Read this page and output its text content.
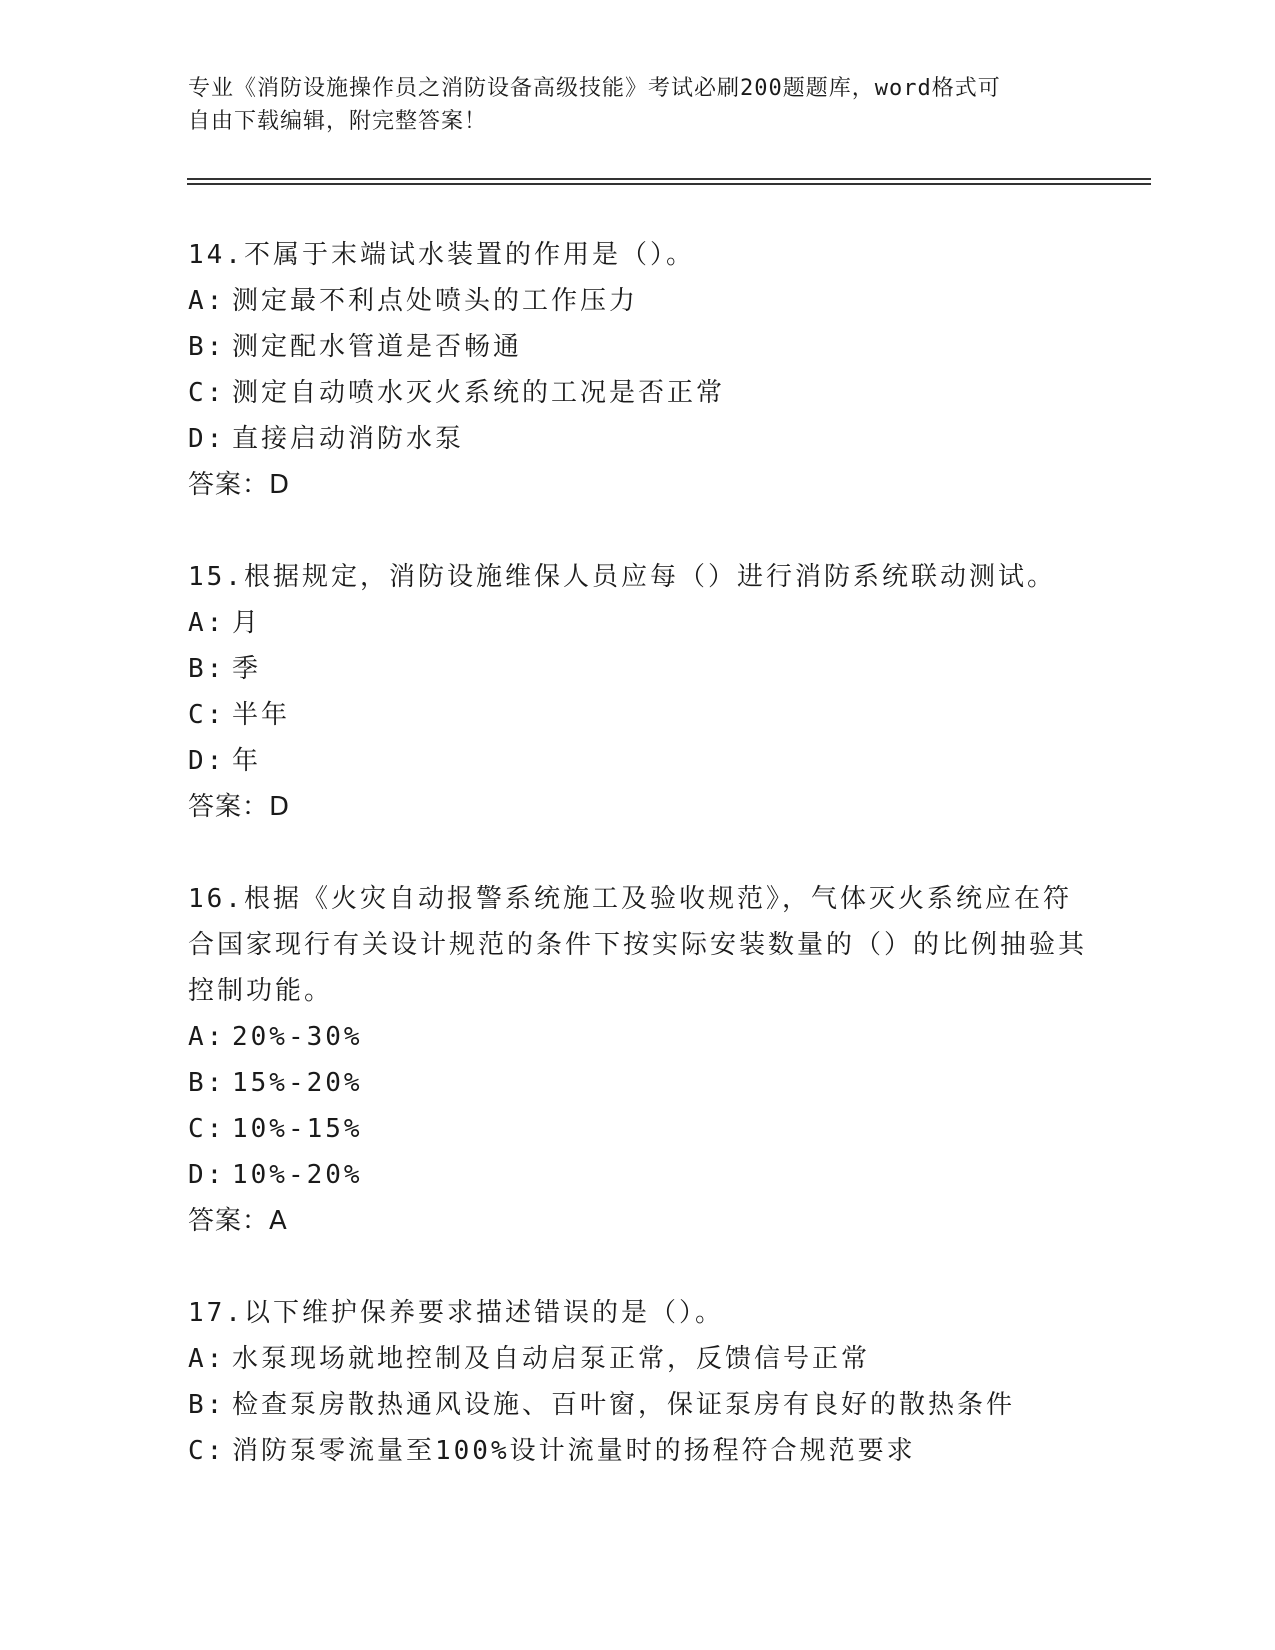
专业《消防设施操作员之消防设备高级技能》考试必刷200题题库，word格式可
自由下载编辑，附完整答案！

14.不属于末端试水装置的作用是（）。

A: 测定最不利点处喷头的工作压力

B: 测定配水管道是否畅通

C: 测定自动喷水灭火系统的工况是否正常

D: 直接启动消防水泵

答案：D

15.根据规定，消防设施维保人员应每（）进行消防系统联动测试。

A: 月

B: 季

C: 半年

D: 年

答案：D

16.根据《火灾自动报警系统施工及验收规范》，气体灭火系统应在符合国家现行有关设计规范的条件下按实际安装数量的（）的比例抽验其控制功能。

A: 20%-30%

B: 15%-20%

C: 10%-15%

D: 10%-20%

答案：A

17.以下维护保养要求描述错误的是（）。

A: 水泵现场就地控制及自动启泵正常，反馈信号正常

B: 检查泵房散热通风设施、百叶窗，保证泵房有良好的散热条件

C: 消防泵零流量至100%设计流量时的扬程符合规范要求
